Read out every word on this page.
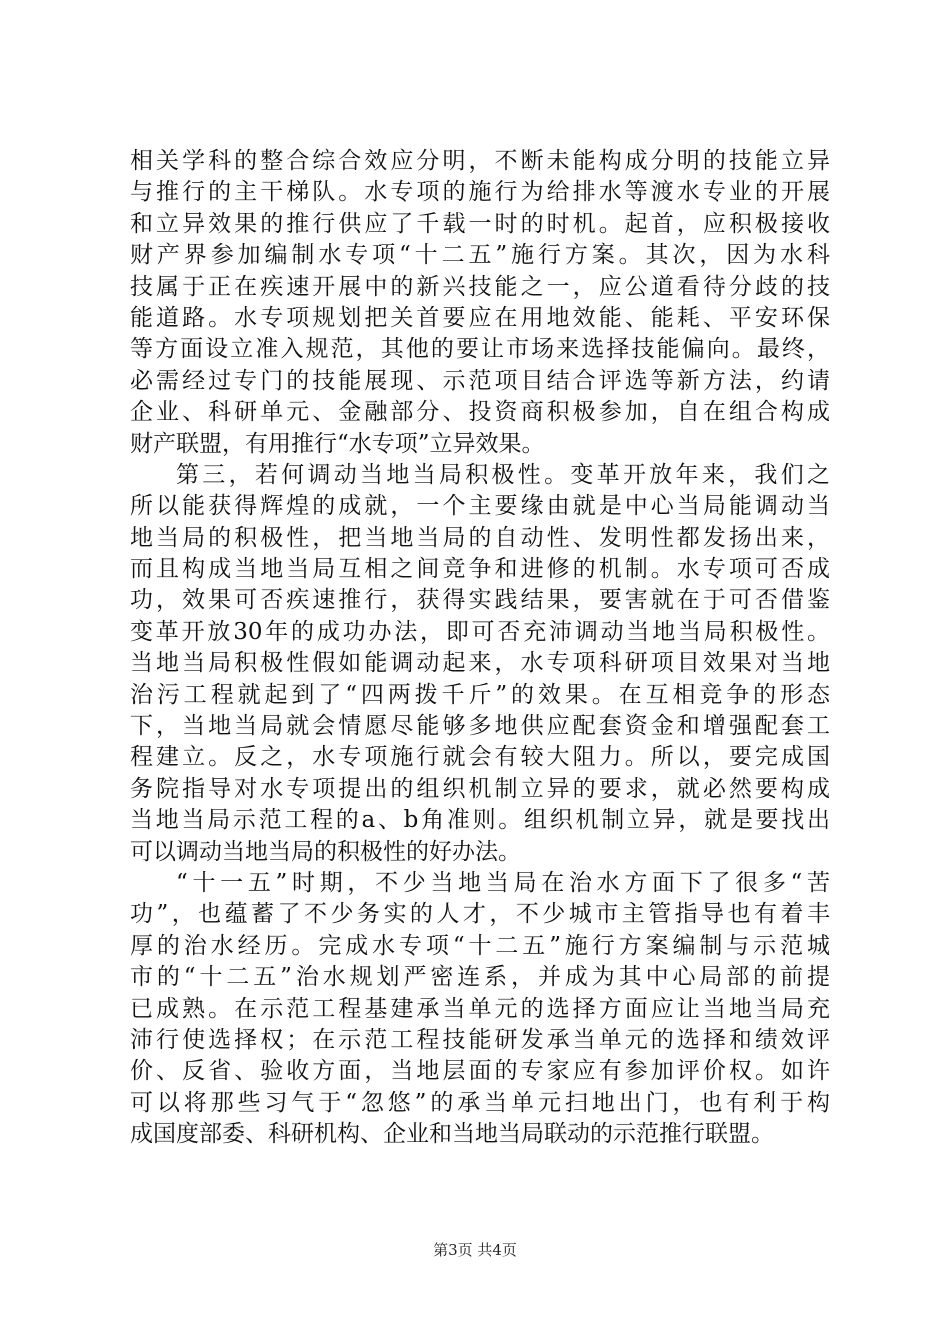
相关学科的整合综合效应分明，不断未能构成分明的技能立异
与推行的主干梯队。水专项的施行为给排水等渡水专业的开展
和立异效果的推行供应了千载一时的时机。起首，应积极接收
财产界参加编制水专项“十二五”施行方案。其次，因为水科
技属于正在疾速开展中的新兴技能之一，应公道看待分歧的技
能道路。水专项规划把关首要应在用地效能、能耗、平安环保
等方面设立准入规范，其他的要让市场来选择技能偏向。最终，
必需经过专门的技能展现、示范项目结合评选等新方法，约请
企业、科研单元、金融部分、投资商积极参加，自在组合构成
财产联盟，有用推行“水专项”立异效果。
第三，若何调动当地当局积极性。变革开放年来，我们之
所以能获得辉煌的成就，一个主要缘由就是中心当局能调动当
地当局的积极性，把当地当局的自动性、发明性都发扬出来，
而且构成当地当局互相之间竞争和进修的机制。水专项可否成
功，效果可否疾速推行，获得实践结果，要害就在于可否借鉴
变革开放30年的成功办法，即可否充沛调动当地当局积极性。
当地当局积极性假如能调动起来，水专项科研项目效果对当地
治污工程就起到了“四两拨千斤”的效果。在互相竞争的形态
下，当地当局就会情愿尽能够多地供应配套资金和增强配套工
程建立。反之，水专项施行就会有较大阻力。所以，要完成国
务院指导对水专项提出的组织机制立异的要求，就必然要构成
当地当局示范工程的a、b角准则。组织机制立异，就是要找出
可以调动当地当局的积极性的好办法。
“十一五”时期，不少当地当局在治水方面下了很多“苦
功”，也蕴蓄了不少务实的人才，不少城市主管指导也有着丰
厚的治水经历。完成水专项“十二五”施行方案编制与示范城
市的“十二五”治水规划严密连系，并成为其中心局部的前提
已成熟。在示范工程基建承当单元的选择方面应让当地当局充
沛行使选择权；在示范工程技能研发承当单元的选择和绩效评
价、反省、验收方面，当地层面的专家应有参加评价权。如许
可以将那些习气于“忽悠”的承当单元扫地出门，也有利于构
成国度部委、科研机构、企业和当地当局联动的示范推行联盟。
第3页 共4页
